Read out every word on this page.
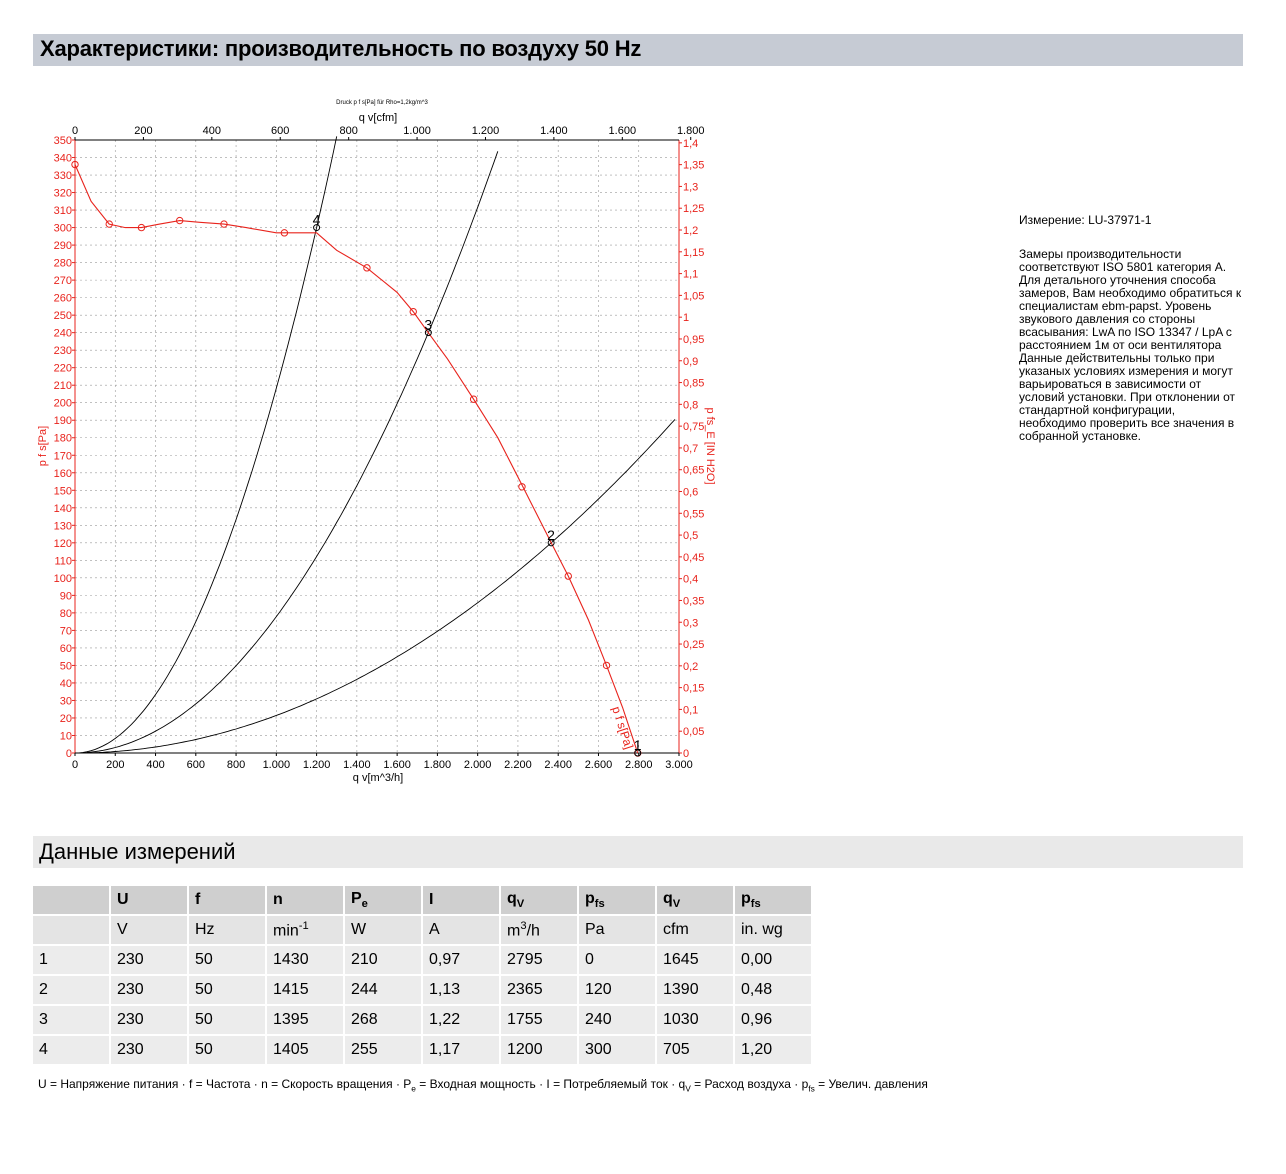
Характеристики: производительность по воздуху 50 Hz
0
10
20
30
40
50
60
70
80
90
100
110
120
130
140
150
160
170
180
190
200
210
220
230
240
250
260
270
280
290
300
310
320
330
340
350
0
0,05
0,1
0,15
0,2
0,25
0,3
0,35
0,4
0,45
0,5
0,55
0,6
0,65
0,7
0,75
0,8
0,85
0,9
0,95
1
1,05
1,1
1,15
1,2
1,25
1,3
1,35
1,4
0	200 400 600 800 1.000 1.200 1.400 1.600 1.800 2.000 2.200 2.400 2.600 2.800 3.000
0	200	400	600	800	1.000	1.200	1.400	1.600	1.800
q v[m^3/h]
q v[cfm]
Druck p f s[Pa] für Rho=1,2kg/m^3
p f s[Pa]	p fs_E [IN H2O]
p f s[Pa]
1
2
3
4	Измерение: LU-37971-1
Замеры производительности соответствуют ISO 5801 категория A. Для детального уточнения способа замеров, Вам необходимо обратиться к специалистам ebm-papst. Уровень звукового давления со стороны всасывания: LwA по ISO 13347 / LpA с расстоянием 1м от оси вентилятора Данные действительны только при указаных условиях измерения и могут варьироваться в зависимости от условий установки. При отклонении от стандартной конфигурации, необходимо проверить все значения в собранной установке.
Данные измерений
	U	f	n	$P_e$	I	$q_V$	$p_{fs}$	$q_V$	$p_{fs}$
	V	Hz	$\min^{-1}$	W	A	$m^3/h$	Pa	cfm	in. wg
1	230	50	1430	210	0,97	2795	0	1645	0,00
2	230	50	1415	244	1,13	2365	120	1390	0,48
3	230	50	1395	268	1,22	1755	240	1030	0,96
4	230	50	1405	255	1,17	1200	300	705	1,20
U = Напряжение питания · f = Частота · n = Скорость вращения · $P_e$ = Входная мощность · I = Потребляемый ток · $q_V$ = Расход воздуха · $p_{fs}$ = Увелич. давления
